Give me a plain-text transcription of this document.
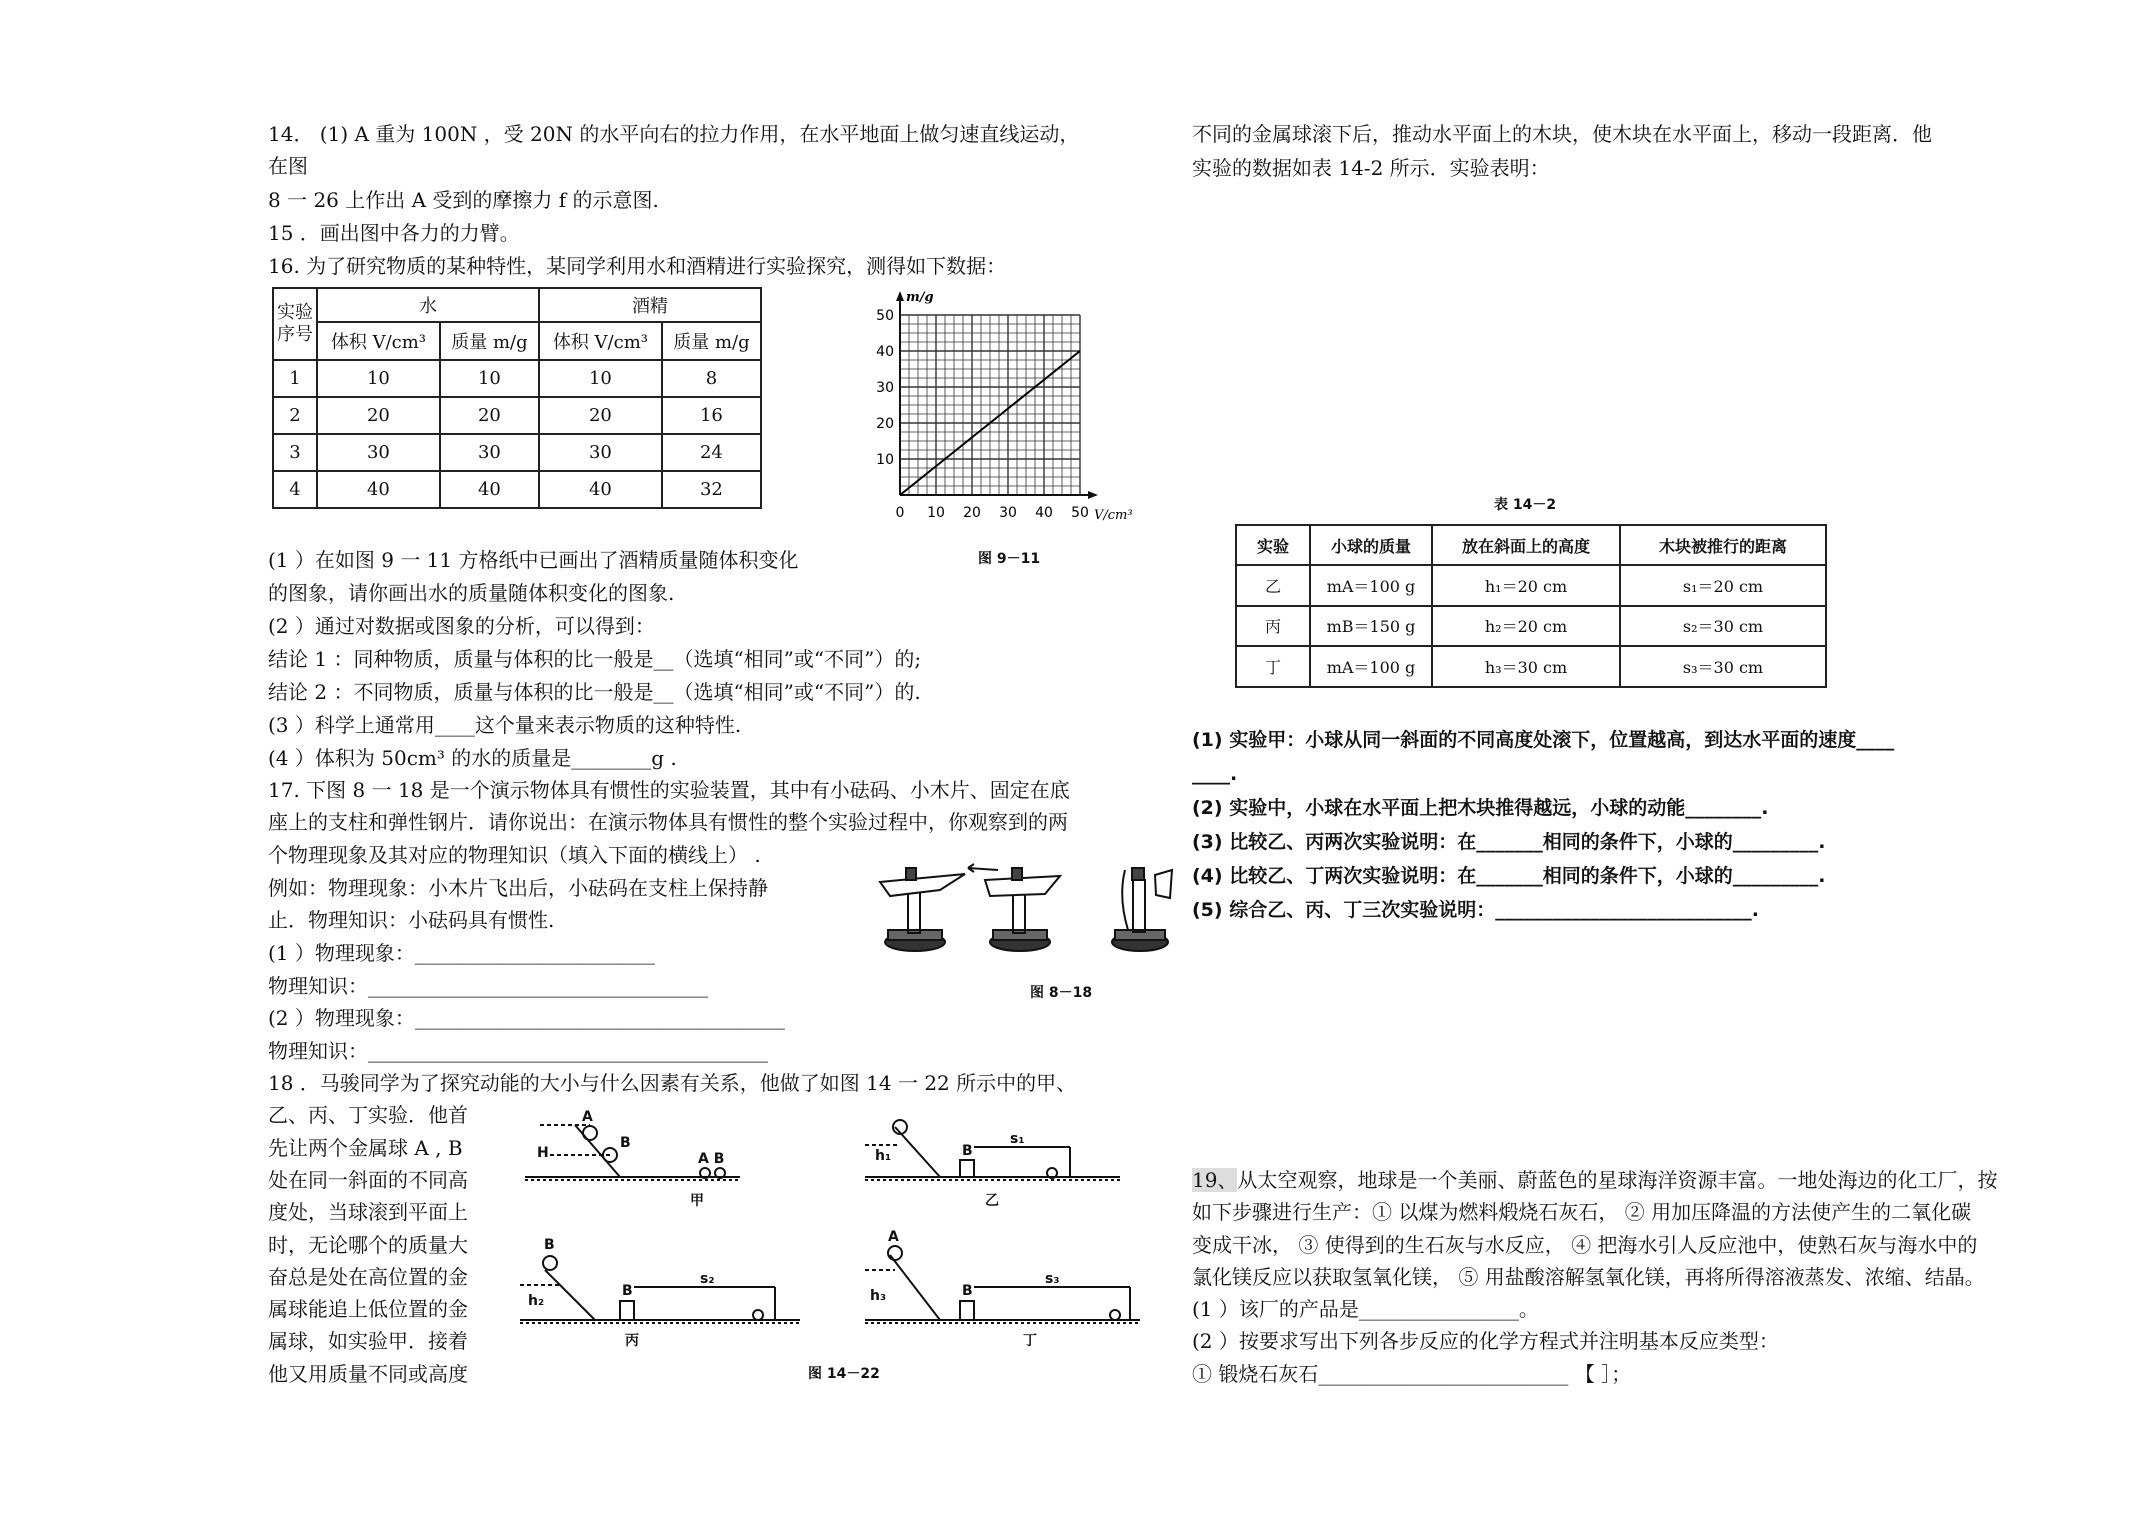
14． (1) A 重为 100N ，受 20N 的水平向右的拉力作用，在水平地面上做匀速直线运动，
在图
8 一 26 上作出 A 受到的摩擦力 f 的示意图.
15 ．画出图中各力的力臂。
16. 为了研究物质的某种特性，某同学利用水和酒精进行实验探究，测得如下数据：
实验
序号	水		酒精	
	体积 V/cm³	质量 m/g	体积 V/cm³	质量 m/g
1	10	10	10	8
2	20	20	20	16
3	30	30	30	24
4	40	40	40	32
0 10 20 30 40 50
10
20
30
40
50
m/g
V/cm³
图 9－11
(1 ）在如图 9 一 11 方格纸中已画出了酒精质量随体积变化
的图象，请你画出水的质量随体积变化的图象.
(2 ）通过对数据或图象的分析，可以得到：
结论 1 ：同种物质，质量与体积的比一般是__（选填“相同”或“不同”）的;
结论 2 ：不同物质，质量与体积的比一般是__（选填“相同”或“不同”）的.
(3 ）科学上通常用____这个量来表示物质的这种特性.
(4 ）体积为 50cm³ 的水的质量是________g .
17. 下图 8 一 18 是一个演示物体具有惯性的实验装置，其中有小砝码、小木片、固定在底
座上的支柱和弹性钢片．请你说出：在演示物体具有惯性的整个实验过程中，你观察到的两
个物理现象及其对应的物理知识（填入下面的横线上） .
例如：物理现象：小木片飞出后，小砝码在支柱上保持静
止．物理知识：小砝码具有惯性.
(1 ）物理现象：________________________
物理知识：__________________________________
(2 ）物理现象：_____________________________________
物理知识：________________________________________
18 ．马骏同学为了探究动能的大小与什么因素有关系，他做了如图 14 一 22 所示中的甲、
乙、丙、丁实验．他首
先让两个金属球 A , B
处在同一斜面的不同高
度处，当球滚到平面上
时，无论哪个的质量大
奋总是处在高位置的金
属球能追上低位置的金
属球，如实验甲．接着
他又用质量不同或高度
图 8－18
A
B
H	A B
甲
h₁	B
s₁
乙
B
h₂
B
s₂
丙
A
h₃	B
s₃
丁
图 14－22
不同的金属球滚下后，推动水平面上的木块，使木块在水平面上，移动一段距离．他
实验的数据如表 14-2 所示．实验表明：
表 14－2
实验	小球的质量	放在斜面上的高度	木块被推行的距离
乙	mA＝100 g	h₁＝20 cm	s₁＝20 cm
丙	mB＝150 g	h₂＝20 cm	s₂＝30 cm
丁	mA＝100 g	h₃＝30 cm	s₃＝30 cm
(1) 实验甲：小球从同一斜面的不同高度处滚下，位置越高，到达水平面的速度____
____.
(2) 实验中，小球在水平面上把木块推得越远，小球的动能________.
(3) 比较乙、丙两次实验说明：在_______相同的条件下，小球的_________.
(4) 比较乙、丁两次实验说明：在_______相同的条件下，小球的_________.
(5) 综合乙、丙、丁三次实验说明：___________________________.
19、从太空观察，地球是一个美丽、蔚蓝色的星球海洋资源丰富。一地处海边的化工厂，按
如下步骤进行生产：① 以煤为燃料煅烧石灰石， ② 用加压降温的方法使产生的二氧化碳
变成干冰， ③ 使得到的生石灰与水反应， ④ 把海水引人反应池中，使熟石灰与海水中的
氯化镁反应以获取氢氧化镁， ⑤ 用盐酸溶解氢氧化镁，再将所得溶液蒸发、浓缩、结晶。
(1 ）该厂的产品是________________。
(2 ）按要求写出下列各步反应的化学方程式并注明基本反应类型：
① 锻烧石灰石_________________________ 【 ］；
